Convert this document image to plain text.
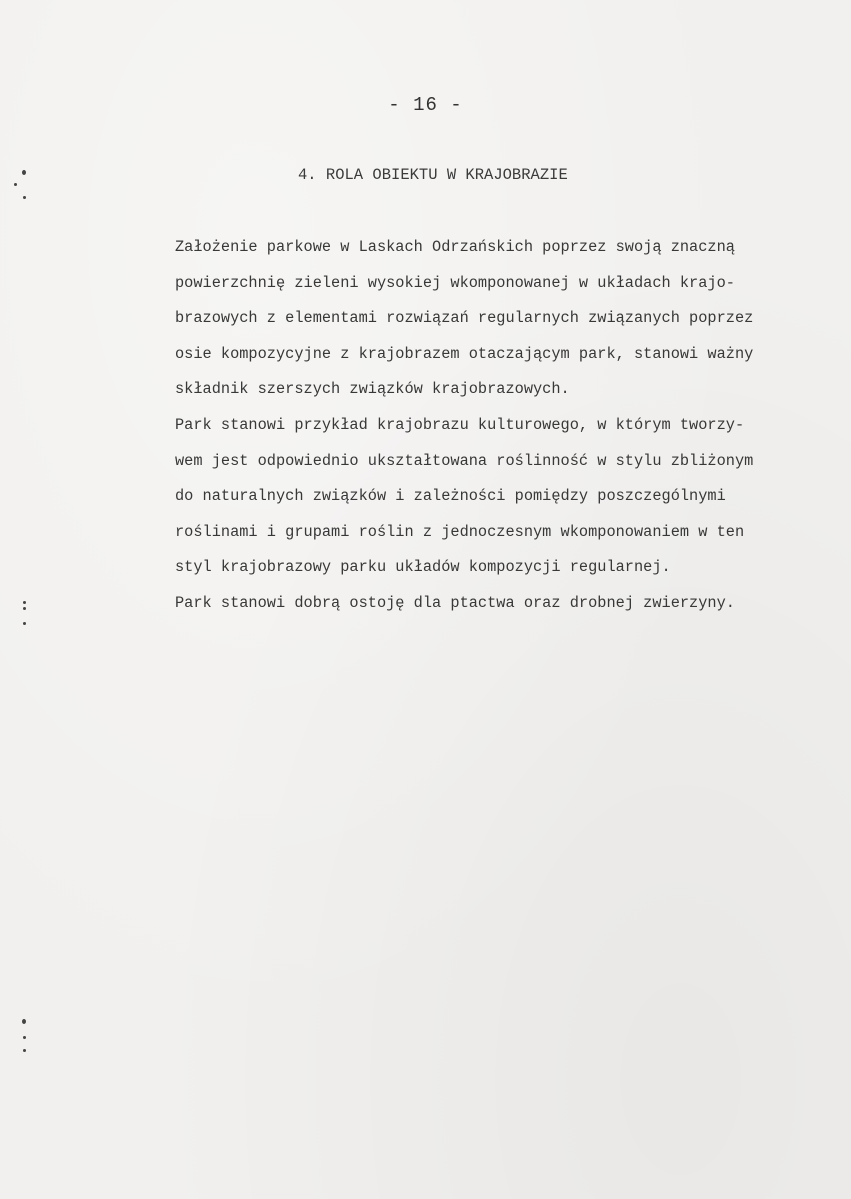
- 16 -
4. ROLA OBIEKTU W KRAJOBRAZIE
Założenie parkowe w Laskach Odrzańskich poprzez swoją znaczną
powierzchnię zieleni wysokiej wkomponowanej w układach krajo-
brazowych z elementami rozwiązań regularnych związanych poprzez
osie kompozycyjne z krajobrazem otaczającym park, stanowi ważny
składnik szerszych związków krajobrazowych.
Park stanowi przykład krajobrazu kulturowego, w którym tworzy-
wem jest odpowiednio ukształtowana roślinność w stylu zbliżonym
do naturalnych związków i zależności pomiędzy poszczególnymi
roślinami i grupami roślin z jednoczesnym wkomponowaniem w ten
styl krajobrazowy parku układów kompozycji regularnej.
Park stanowi dobrą ostoję dla ptactwa oraz drobnej zwierzyny.
